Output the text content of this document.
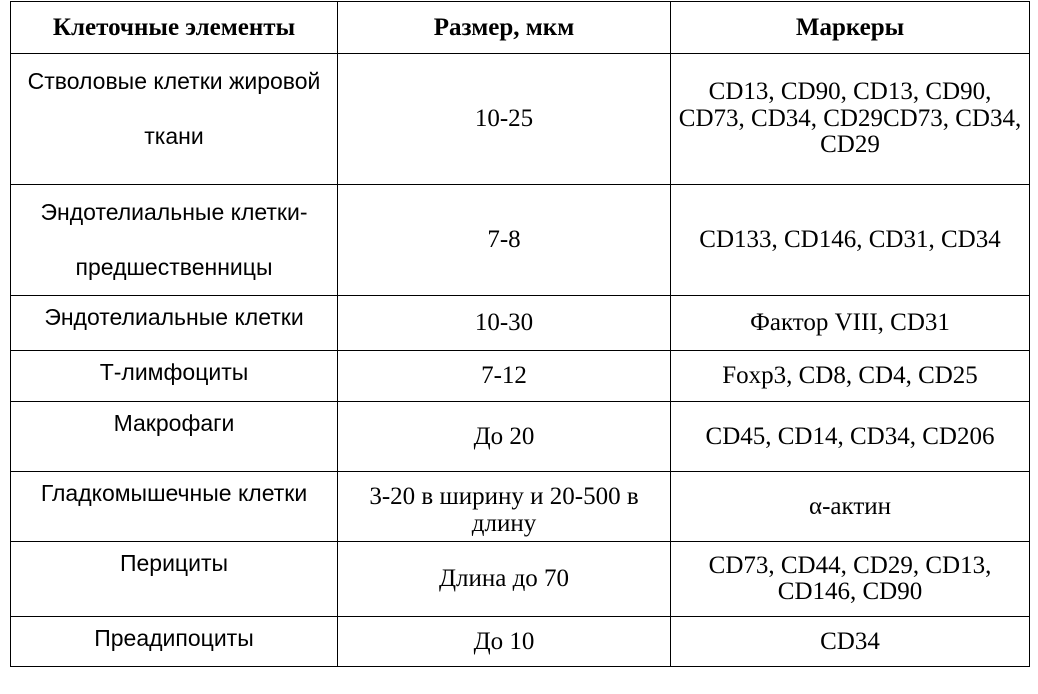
Клеточные элементы	Размер, мкм	Маркеры
Стволовые клетки жировой ткани	10-25	CD13, CD90, CD13, CD90, CD73, CD34, CD29CD73, CD34, CD29
Эндотелиальные клетки-предшественницы	7-8	CD133, CD146, CD31, CD34
Эндотелиальные клетки	10-30	Фактор VIII, CD31
Т-лимфоциты	7-12	Foxp3, CD8, CD4, CD25
Макрофаги	До 20	CD45, CD14, CD34, CD206
Гладкомышечные клетки	3-20 в ширину и 20-500 в длину	α-актин
Перициты	Длина до 70	CD73, CD44, CD29, CD13, CD146, CD90
Преадипоциты	До 10	CD34
